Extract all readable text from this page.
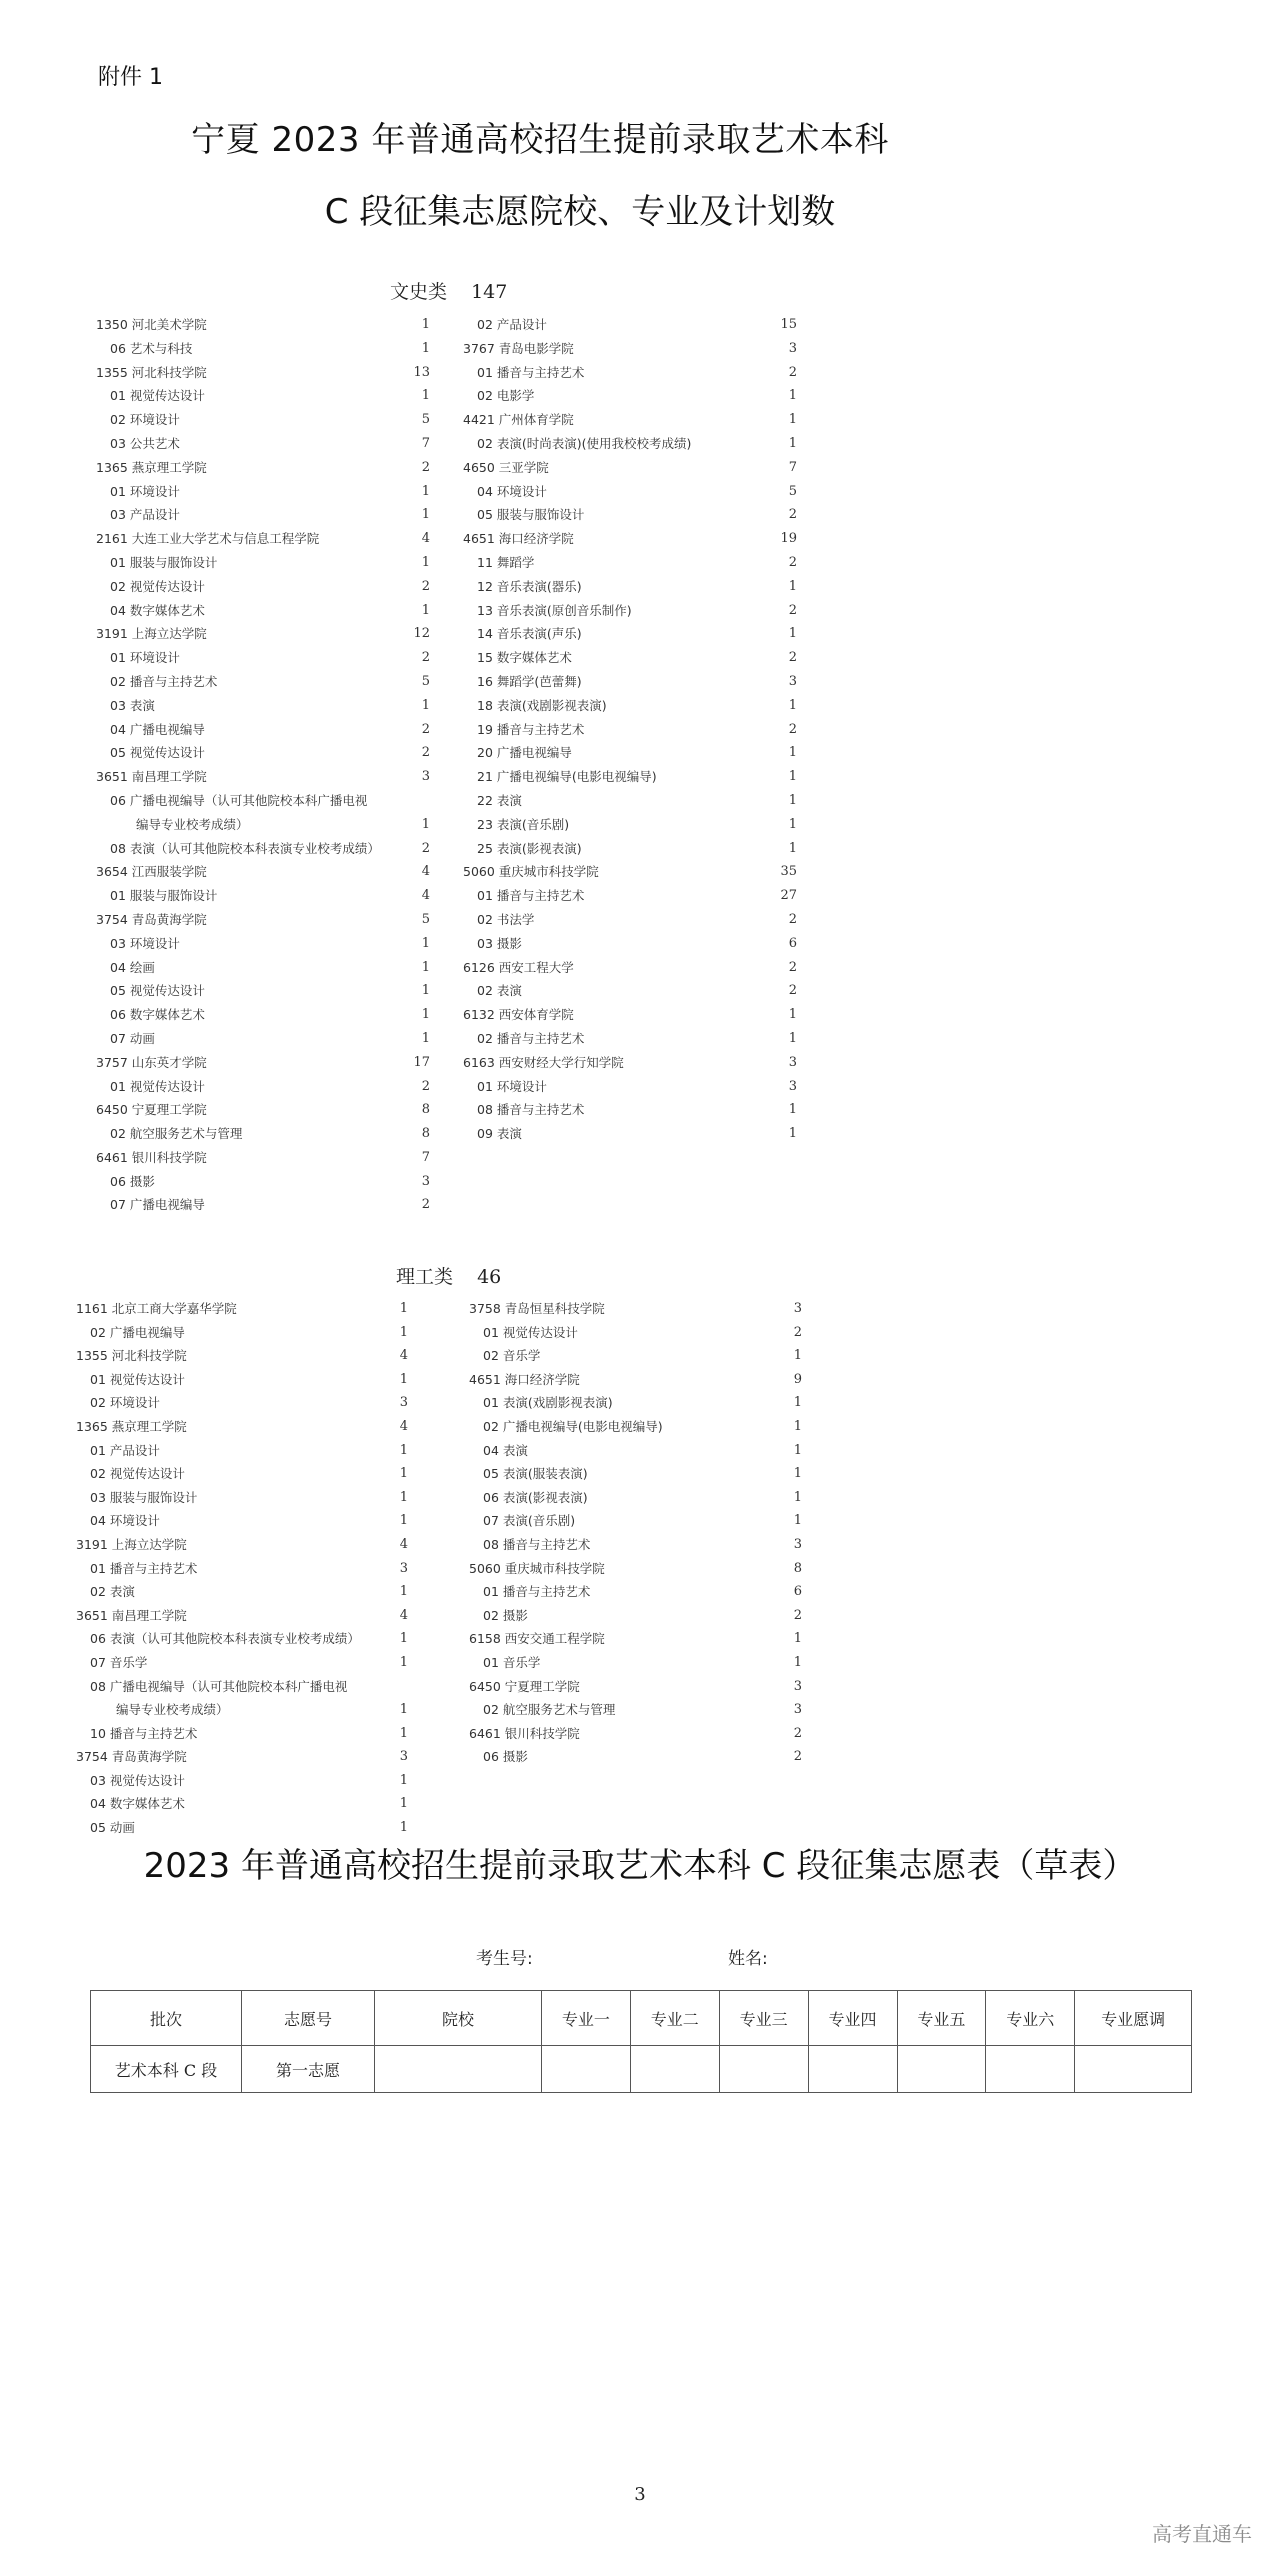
附件 1
宁夏 2023 年普通高校招生提前录取艺术本科
C 段征集志愿院校、专业及计划数
文史类 147
1350 河北美术学院	1
06 艺术与科技	1
1355 河北科技学院	13
01 视觉传达设计	1
02 环境设计	5
03 公共艺术	7
1365 燕京理工学院	2
01 环境设计	1
03 产品设计	1
2161 大连工业大学艺术与信息工程学院	4
01 服装与服饰设计	1
02 视觉传达设计	2
04 数字媒体艺术	1
3191 上海立达学院	12
01 环境设计	2
02 播音与主持艺术	5
03 表演	1
04 广播电视编导	2
05 视觉传达设计	2
3651 南昌理工学院	3
06 广播电视编导（认可其他院校本科广播电视
编导专业校考成绩）	1
08 表演（认可其他院校本科表演专业校考成绩）	2
3654 江西服装学院	4
01 服装与服饰设计	4
3754 青岛黄海学院	5
03 环境设计	1
04 绘画	1
05 视觉传达设计	1
06 数字媒体艺术	1
07 动画	1
3757 山东英才学院	17
01 视觉传达设计	2
6450 宁夏理工学院	8
02 航空服务艺术与管理	8
6461 银川科技学院	7
06 摄影	3
07 广播电视编导	2
02 产品设计	15
3767 青岛电影学院	3
01 播音与主持艺术	2
02 电影学	1
4421 广州体育学院	1
02 表演(时尚表演)(使用我校校考成绩)	1
4650 三亚学院	7
04 环境设计	5
05 服装与服饰设计	2
4651 海口经济学院	19
11 舞蹈学	2
12 音乐表演(器乐)	1
13 音乐表演(原创音乐制作)	2
14 音乐表演(声乐)	1
15 数字媒体艺术	2
16 舞蹈学(芭蕾舞)	3
18 表演(戏剧影视表演)	1
19 播音与主持艺术	2
20 广播电视编导	1
21 广播电视编导(电影电视编导)	1
22 表演	1
23 表演(音乐剧)	1
25 表演(影视表演)	1
5060 重庆城市科技学院	35
01 播音与主持艺术	27
02 书法学	2
03 摄影	6
6126 西安工程大学	2
02 表演	2
6132 西安体育学院	1
02 播音与主持艺术	1
6163 西安财经大学行知学院	3
01 环境设计	3
08 播音与主持艺术	1
09 表演	1
理工类 46
1161 北京工商大学嘉华学院	1
02 广播电视编导	1
1355 河北科技学院	4
01 视觉传达设计	1
02 环境设计	3
1365 燕京理工学院	4
01 产品设计	1
02 视觉传达设计	1
03 服装与服饰设计	1
04 环境设计	1
3191 上海立达学院	4
01 播音与主持艺术	3
02 表演	1
3651 南昌理工学院	4
06 表演（认可其他院校本科表演专业校考成绩）	1
07 音乐学	1
08 广播电视编导（认可其他院校本科广播电视
编导专业校考成绩）	1
10 播音与主持艺术	1
3754 青岛黄海学院	3
03 视觉传达设计	1
04 数字媒体艺术	1
05 动画	1
3758 青岛恒星科技学院	3
01 视觉传达设计	2
02 音乐学	1
4651 海口经济学院	9
01 表演(戏剧影视表演)	1
02 广播电视编导(电影电视编导)	1
04 表演	1
05 表演(服装表演)	1
06 表演(影视表演)	1
07 表演(音乐剧)	1
08 播音与主持艺术	3
5060 重庆城市科技学院	8
01 播音与主持艺术	6
02 摄影	2
6158 西安交通工程学院	1
01 音乐学	1
6450 宁夏理工学院	3
02 航空服务艺术与管理	3
6461 银川科技学院	2
06 摄影	2
2023 年普通高校招生提前录取艺术本科 C 段征集志愿表（草表）
考生号:	姓名:
批次	志愿号	院校	专业一	专业二	专业三	专业四	专业五	专业六	专业愿调
艺术本科 C 段	第一志愿								
3
高考直通车
